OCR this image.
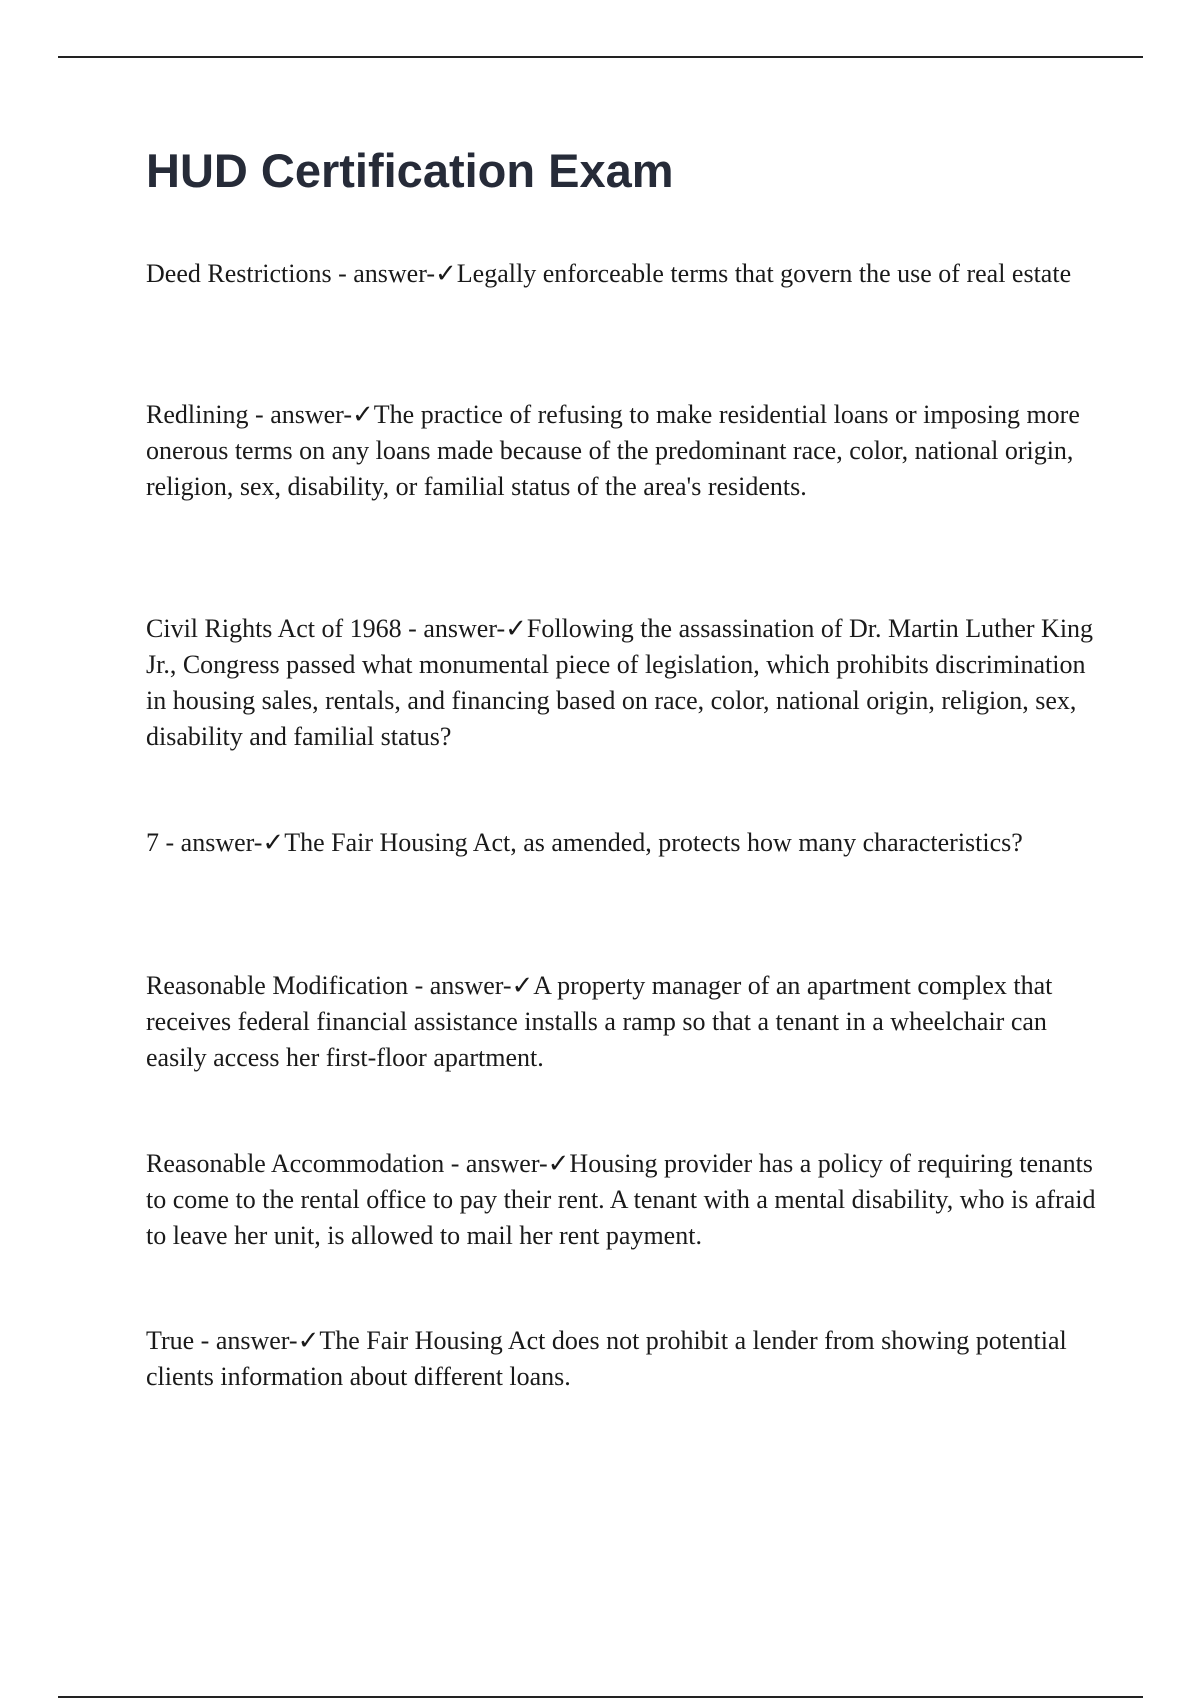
HUD Certification Exam

Deed Restrictions - answer-✓Legally enforceable terms that govern the use of real estate

Redlining - answer-✓The practice of refusing to make residential loans or imposing more onerous terms on any loans made because of the predominant race, color, national origin, religion, sex, disability, or familial status of the area's residents.

Civil Rights Act of 1968 - answer-✓Following the assassination of Dr. Martin Luther King Jr., Congress passed what monumental piece of legislation, which prohibits discrimination in housing sales, rentals, and financing based on race, color, national origin, religion, sex, disability and familial status?

7 - answer-✓The Fair Housing Act, as amended, protects how many characteristics?

Reasonable Modification - answer-✓A property manager of an apartment complex that receives federal financial assistance installs a ramp so that a tenant in a wheelchair can easily access her first-floor apartment.

Reasonable Accommodation - answer-✓Housing provider has a policy of requiring tenants to come to the rental office to pay their rent. A tenant with a mental disability, who is afraid to leave her unit, is allowed to mail her rent payment.

True - answer-✓The Fair Housing Act does not prohibit a lender from showing potential clients information about different loans.
